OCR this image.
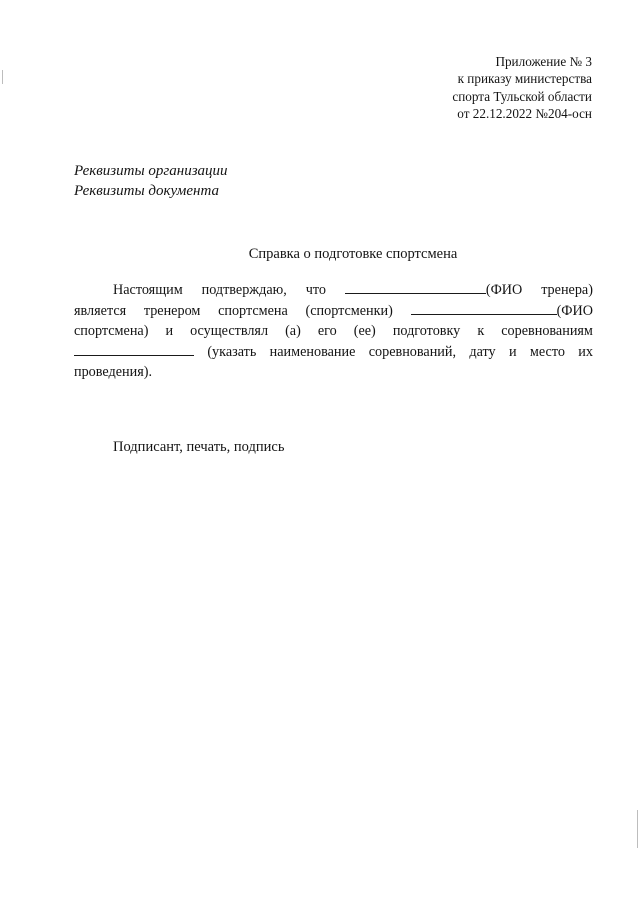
Приложение № 3
к приказу министерства
спорта Тульской области
от 22.12.2022 №204-осн
Реквизиты организации
Реквизиты документа
Справка о подготовке спортсмена
Настоящим подтверждаю, что	(ФИО тренера)
является тренером спортсмена (спортсменки)	(ФИО
спортсмена) и осуществлял (а) его (ее) подготовку к соревнованиям
(указать наименование соревнований, дату и место их
проведения).
Подписант, печать, подпись
